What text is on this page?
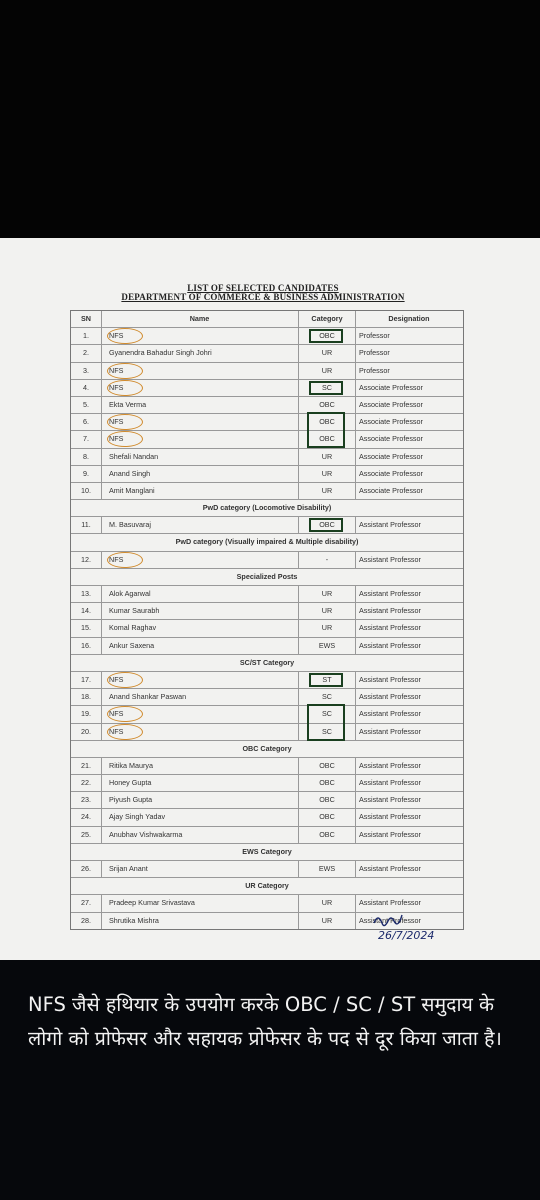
LIST OF SELECTED CANDIDATES
DEPARTMENT OF COMMERCE & BUSINESS ADMINISTRATION
SN	Name	Category	Designation
1.	NFS	OBC	Professor
2.	Gyanendra Bahadur Singh Johri	UR	Professor
3.	NFS	UR	Professor
4.	NFS	SC	Associate Professor
5.	Ekta Verma	OBC	Associate Professor
6.	NFS	OBC	Associate Professor
7.	NFS	OBC	Associate Professor
8.	Shefali Nandan	UR	Associate Professor
9.	Anand Singh	UR	Associate Professor
10.	Amit Manglani	UR	Associate Professor
PwD category (Locomotive Disability)
11.	M. Basuvaraj	OBC	Assistant Professor
PwD category (Visually impaired & Multiple disability)
12.	NFS	-	Assistant Professor
Specialized Posts
13.	Alok Agarwal	UR	Assistant Professor
14.	Kumar Saurabh	UR	Assistant Professor
15.	Komal Raghav	UR	Assistant Professor
16.	Ankur Saxena	EWS	Assistant Professor
SC/ST Category
17.	NFS	ST	Assistant Professor
18.	Anand Shankar Paswan	SC	Assistant Professor
19.	NFS	SC	Assistant Professor
20.	NFS	SC	Assistant Professor
OBC Category
21.	Ritika Maurya	OBC	Assistant Professor
22.	Honey Gupta	OBC	Assistant Professor
23.	Piyush Gupta	OBC	Assistant Professor
24.	Ajay Singh Yadav	OBC	Assistant Professor
25.	Anubhav Vishwakarma	OBC	Assistant Professor
EWS Category
26.	Srijan Anant	EWS	Assistant Professor
UR Category
27.	Pradeep Kumar Srivastava	UR	Assistant Professor
28.	Shrutika Mishra	UR	Assistant Professor
26/7/2024
NFS जैसे हथियार के उपयोग करके OBC / SC / ST समुदाय के लोगो को प्रोफेसर और सहायक प्रोफेसर के पद से दूर किया जाता है।
